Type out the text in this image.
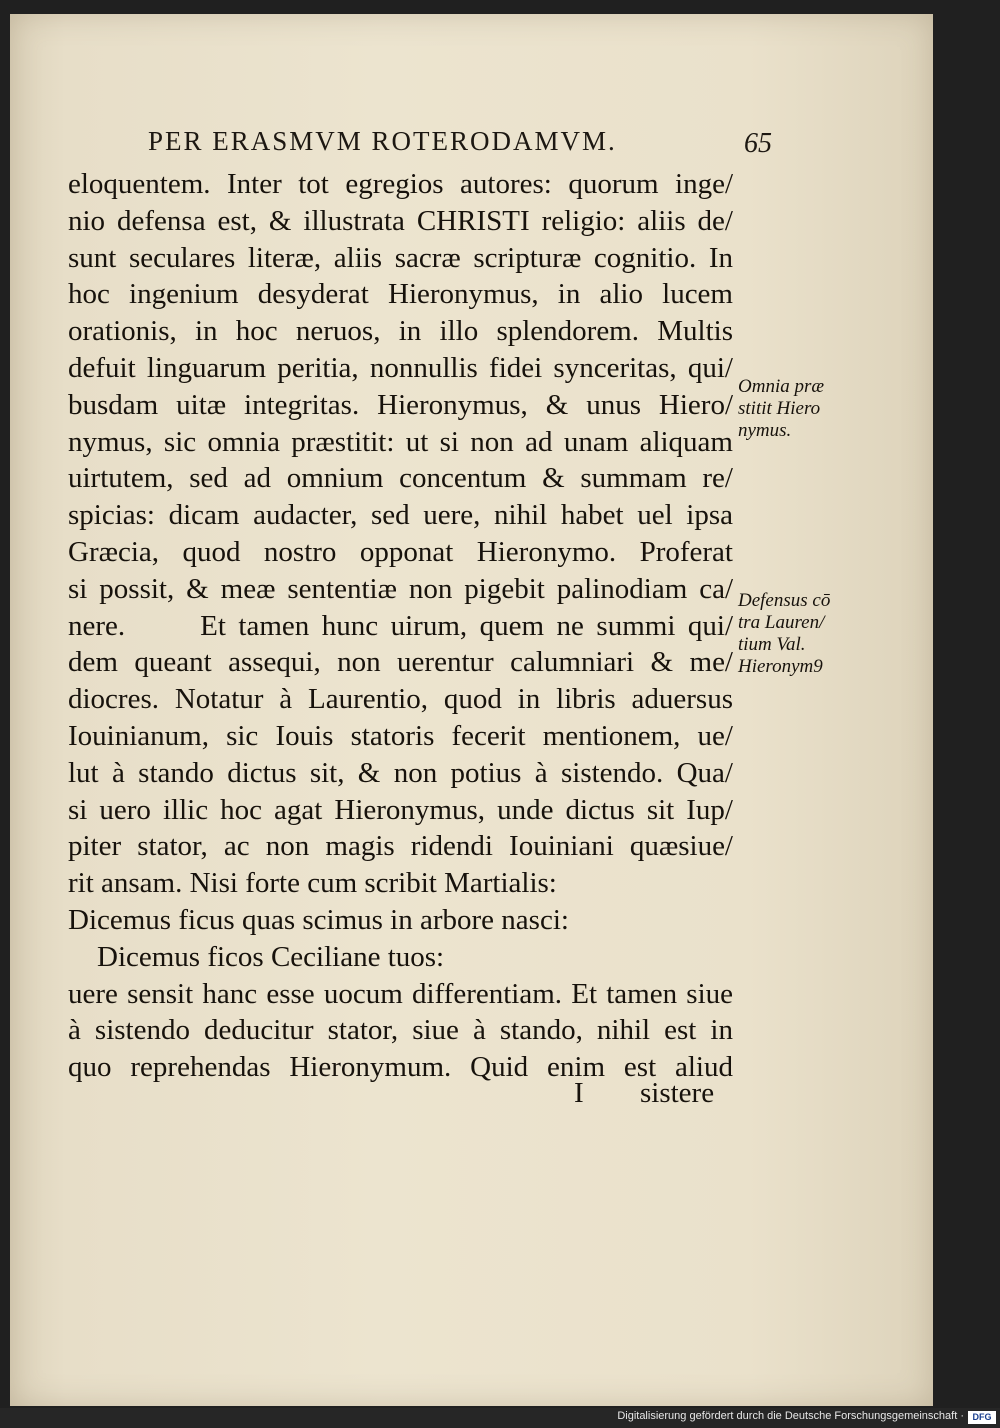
PER ERASMVM ROTERODAMVM.	65
eloquentem. Inter tot egregios autores: quorum inge/
nio defensa est, & illustrata CHRISTI religio: aliis de/
sunt seculares literæ, aliis sacræ scripturæ cognitio. In
hoc ingenium desyderat Hieronymus, in alio lucem
orationis, in hoc neruos, in illo splendorem. Multis
defuit linguarum peritia, nonnullis fidei synceritas, qui/
busdam uitæ integritas. Hieronymus, & unus Hiero/
nymus, sic omnia præstitit: ut si non ad unam aliquam
uirtutem, sed ad omnium concentum & summam re/
spicias: dicam audacter, sed uere, nihil habet uel ipsa
Græcia, quod nostro opponat Hieronymo. Proferat
si possit, & meæ sententiæ non pigebit palinodiam ca/
nere.      Et tamen hunc uirum, quem ne summi qui/
dem queant assequi, non uerentur calumniari & me/
diocres. Notatur à Laurentio, quod in libris aduersus
Iouinianum, sic Iouis statoris fecerit mentionem, ue/
lut à stando dictus sit, & non potius à sistendo. Qua/
si uero illic hoc agat Hieronymus, unde dictus sit Iup/
piter stator, ac non magis ridendi Iouiniani quæsiue/
rit ansam. Nisi forte cum scribit Martialis:
Dicemus ficus quas scimus in arbore nasci:
Dicemus ficos Ceciliane tuos:
uere sensit hanc esse uocum differentiam. Et tamen siue
à sistendo deducitur stator, siue à stando, nihil est in
quo reprehendas Hieronymum. Quid enim est aliud
I sistere
Omnia præ
stitit Hiero
nymus.
Defensus cō
tra Lauren/
tium Val.
Hieronym9
Digitalisierung gefördert durch die Deutsche Forschungsgemeinschaft · DFG
